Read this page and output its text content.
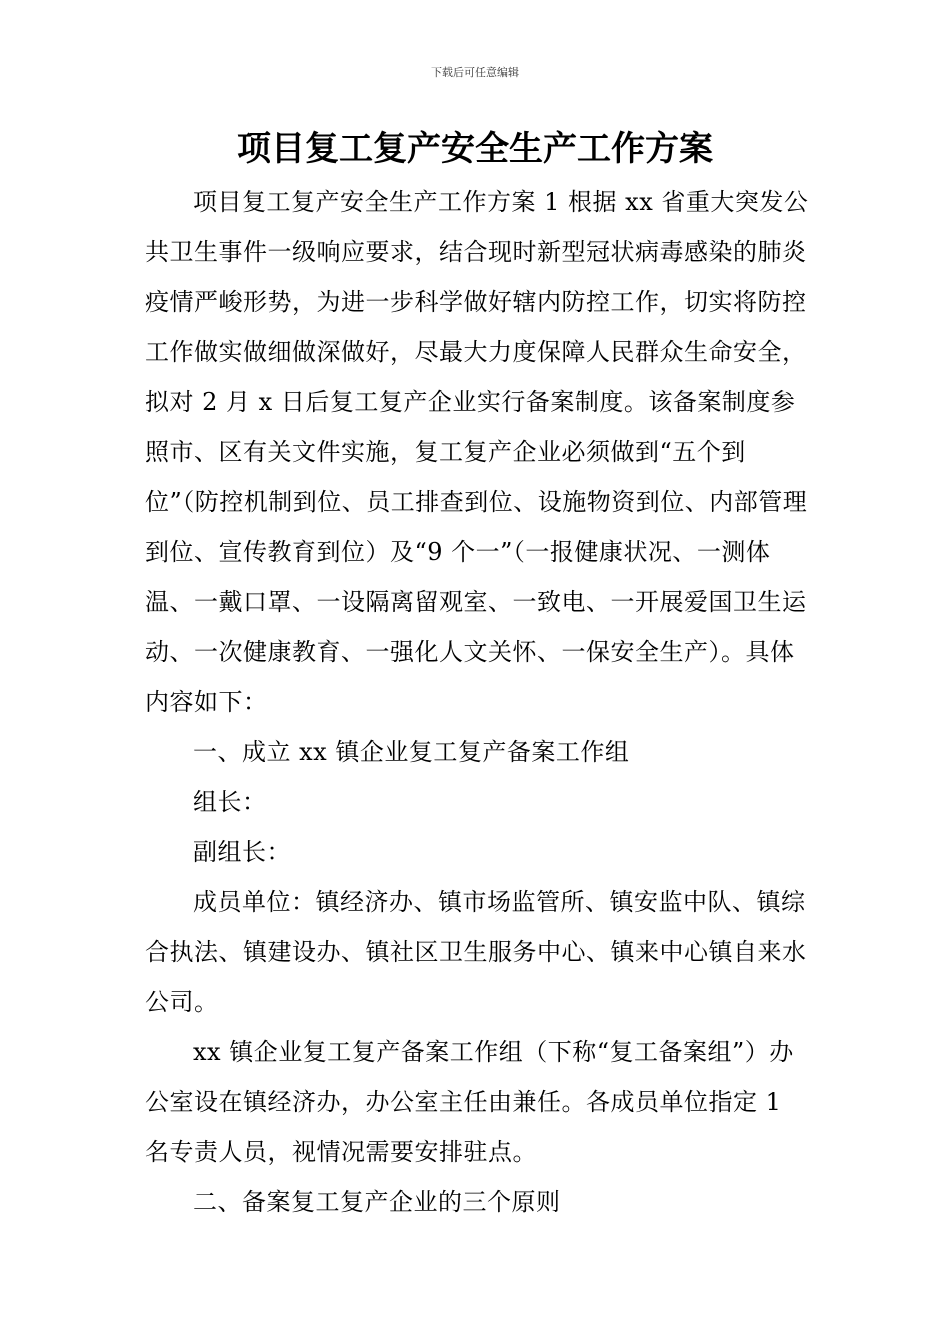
下载后可任意编辑
项目复工复产安全生产工作方案

项目复工复产安全生产工作方案 1 根据 xx 省重大突发公共卫生事件一级响应要求，结合现时新型冠状病毒感染的肺炎疫情严峻形势，为进一步科学做好辖内防控工作，切实将防控工作做实做细做深做好，尽最大力度保障人民群众生命安全，拟对 2 月 x 日后复工复产企业实行备案制度。该备案制度参照市、区有关文件实施，复工复产企业必须做到“五个到位”（防控机制到位、员工排查到位、设施物资到位、内部管理到位、宣传教育到位）及“9 个一”（一报健康状况、一测体温、一戴口罩、一设隔离留观室、一致电、一开展爱国卫生运动、一次健康教育、一强化人文关怀、一保安全生产）。具体内容如下：

一、成立 xx 镇企业复工复产备案工作组

组长：

副组长：

成员单位：镇经济办、镇市场监管所、镇安监中队、镇综合执法、镇建设办、镇社区卫生服务中心、镇来中心镇自来水公司。

xx 镇企业复工复产备案工作组（下称“复工备案组”）办公室设在镇经济办，办公室主任由兼任。各成员单位指定 1 名专责人员，视情况需要安排驻点。

二、备案复工复产企业的三个原则
